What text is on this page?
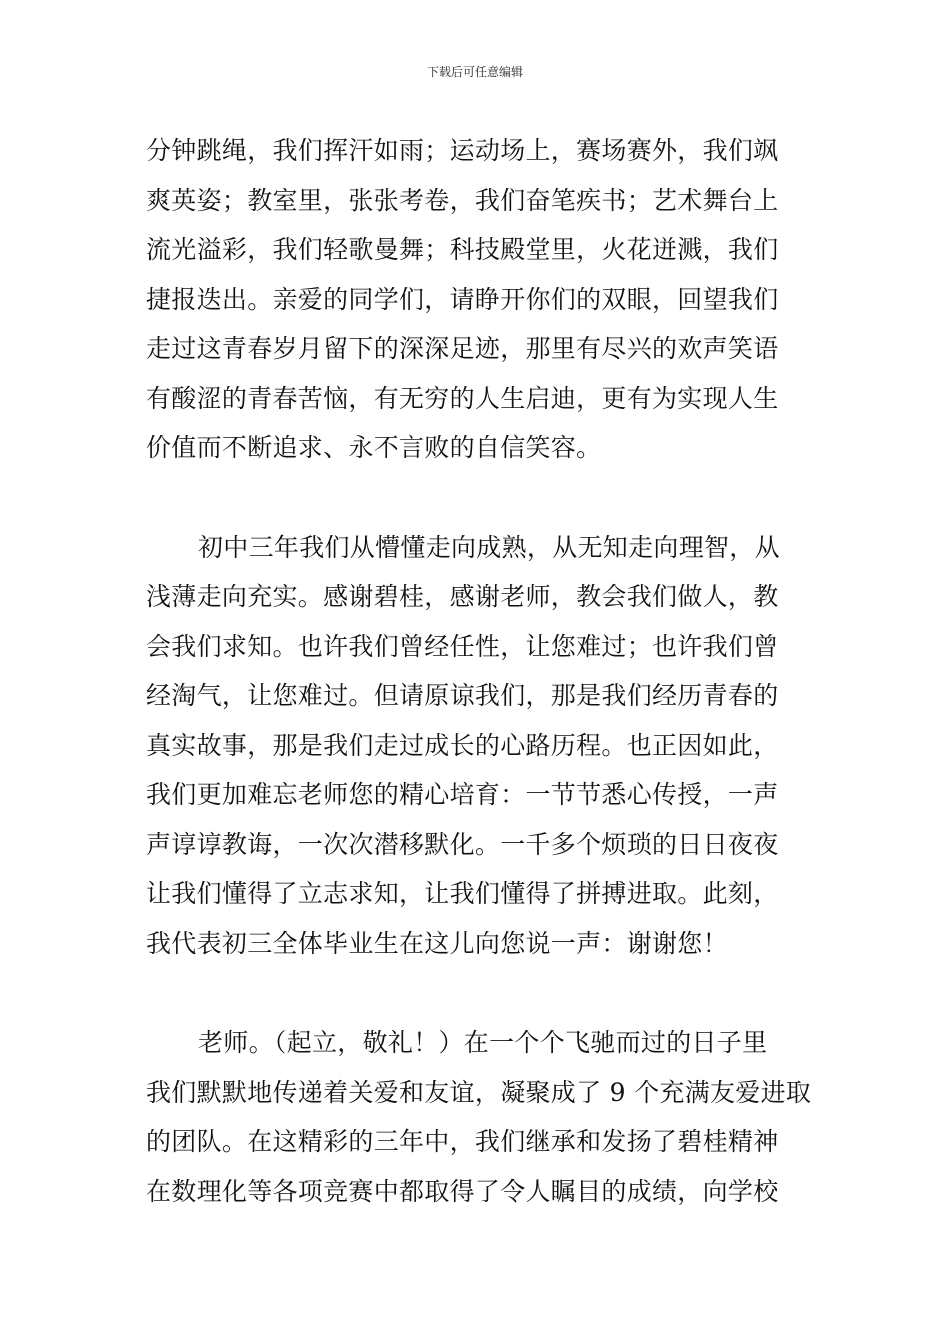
下载后可任意编辑
分钟跳绳，我们挥汗如雨；运动场上，赛场赛外，我们飒
爽英姿；教室里，张张考卷，我们奋笔疾书；艺术舞台上
流光溢彩，我们轻歌曼舞；科技殿堂里，火花迸溅，我们
捷报迭出。亲爱的同学们，请睁开你们的双眼，回望我们
走过这青春岁月留下的深深足迹，那里有尽兴的欢声笑语
有酸涩的青春苦恼，有无穷的人生启迪，更有为实现人生
价值而不断追求、永不言败的自信笑容。
初中三年我们从懵懂走向成熟，从无知走向理智，从
浅薄走向充实。感谢碧桂，感谢老师，教会我们做人，教
会我们求知。也许我们曾经任性，让您难过；也许我们曾
经淘气，让您难过。但请原谅我们，那是我们经历青春的
真实故事，那是我们走过成长的心路历程。也正因如此，
我们更加难忘老师您的精心培育：一节节悉心传授，一声
声谆谆教诲，一次次潜移默化。一千多个烦琐的日日夜夜
让我们懂得了立志求知，让我们懂得了拼搏进取。此刻，
我代表初三全体毕业生在这儿向您说一声：谢谢您！
老师。（起立，敬礼！）在一个个飞驰而过的日子里
我们默默地传递着关爱和友谊，凝聚成了 9 个充满友爱进取
的团队。在这精彩的三年中，我们继承和发扬了碧桂精神
在数理化等各项竞赛中都取得了令人瞩目的成绩，向学校
